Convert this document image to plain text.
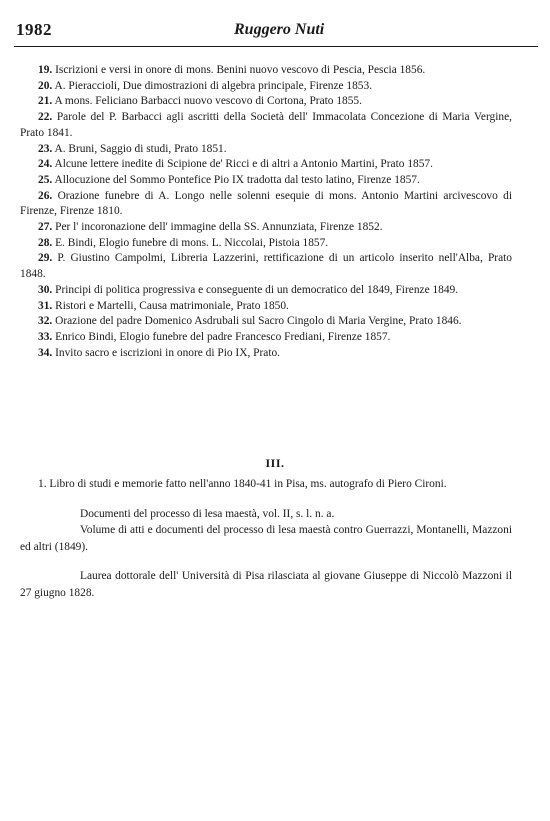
1982	Ruggero Nuti
19. Iscrizioni e versi in onore di mons. Benini nuovo vescovo di Pescia, Pescia 1856.
20. A. Pieraccioli, Due dimostrazioni di algebra principale, Firenze 1853.
21. A mons. Feliciano Barbacci nuovo vescovo di Cortona, Prato 1855.
22. Parole del P. Barbacci agli ascritti della Società dell' Immacolata Concezione di Maria Vergine, Prato 1841.
23. A. Bruni, Saggio di studi, Prato 1851.
24. Alcune lettere inedite di Scipione de' Ricci e di altri a Antonio Martini, Prato 1857.
25. Allocuzione del Sommo Pontefice Pio IX tradotta dal testo latino, Firenze 1857.
26. Orazione funebre di A. Longo nelle solenni esequie di mons. Antonio Martini arcivescovo di Firenze, Firenze 1810.
27. Per l' incoronazione dell' immagine della SS. Annunziata, Firenze 1852.
28. E. Bindi, Elogio funebre di mons. L. Niccolai, Pistoia 1857.
29. P. Giustino Campolmi, Libreria Lazzerini, rettificazione di un articolo inserito nell'Alba, Prato 1848.
30. Principi di politica progressiva e conseguente di un democratico del 1849, Firenze 1849.
31. Ristori e Martelli, Causa matrimoniale, Prato 1850.
32. Orazione del padre Domenico Asdrubali sul Sacro Cingolo di Maria Vergine, Prato 1846.
33. Enrico Bindi, Elogio funebre del padre Francesco Frediani, Firenze 1857.
34. Invito sacro e iscrizioni in onore di Pio IX, Prato.
III.

1. Libro di studi e memorie fatto nell'anno 1840-41 in Pisa, ms. autografo di Piero Cironi.

Documenti del processo di lesa maestà, vol. II, s. l. n. a.

Volume di atti e documenti del processo di lesa maestà contro Guerrazzi, Montanelli, Mazzoni ed altri (1849).

Laurea dottorale dell' Università di Pisa rilasciata al giovane Giuseppe di Niccolò Mazzoni il 27 giugno 1828.
